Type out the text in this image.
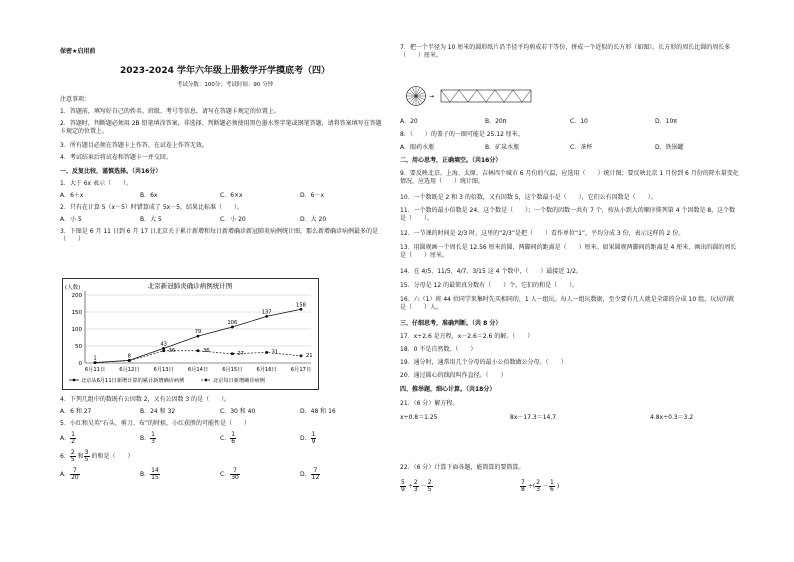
保密★启用前
2023-2024 学年六年级上册数学开学摸底考（四）
考试分数：100分；考试时间：90 分钟
注意事项：
1．答题前，填写好自己的姓名、班级、考号等信息，请写在答题卡规定的位置上。
2．答题时，判断题必须用 2B 铅笔填涂答案，非选择、判断题必须使用黑色墨水签字笔或钢笔答题，请将答案填写在答题卡规定的位置上。
3．所有题目必须在答题卡上作答，在试卷上作答无效。
4．考试结束后将试卷和答题卡一并交回。
一、反复比较，谨慎选择。（共16分）
1．大于 6x 表示（　　）。
A．6＋x	B．6x	C．6×x	D．6－x
2．只有在计算 5（x－5）时错算成了 5x－5，结果比标准（　　）。
A．小 5	B．大 5	C．小 20	D．大 20
3．下图是 6 月 11 日到 6 月 17 日北京关于累计新增和每日新增确诊新冠肺炎病例统计图，那么新增确诊病例最多的是（　　）
北京新冠肺炎确诊病例统计图
(人数)
0
50
100
150
200
6月11日	6月12日	6月13日	6月14日	6月15日	6月16日	6月17日
1	8
43
79
106
137
158
36	36
27	31
21
北京从6月11日新增计算的累计新增确诊病例	北京每日新增确诊病例
4．下列几组中的数既有公因数 2，又有公因数 3 的是（　　）。
A．6 和 27	B．24 和 32	C．30 和 40	D．48 和 16
5．小红和吴英“石头、剪刀、布”的时候，小红获胜的可能性是（　　）
A． $\frac{1}{2}$	B． $\frac{1}{3}$	C． $\frac{1}{6}$	D． $\frac{1}{9}$
6． $\frac{2}{5}$ 和 $\frac{3}{5}$ 的和是（　　）
A． $\frac{7}{20}$	B． $\frac{14}{15}$	C． $\frac{7}{30}$	D． $\frac{7}{12}$
7．把一个半径为 10 厘米的圆形纸片沿半径平均剪成若干等份，拼成一个近似的长方形（如图）。长方形的周长比圆的周长多（　　）厘米。
→
A．20	B．20π	C．10	D．10π
8．（　　）的盖子的一圈可能是 25.12 厘米。
A．眼药水瓶	B．矿泉水瓶	C．茶杯	D．铁锅罐
二、用心思考，正确填空。（共16分）
9．要反映北京、上海、太原、吉林四个城市 6 月份的气温，应选用（　　）统计图；要反映北京 1 月份到 6 月份的降水量变化情况，应选用（　　）统计图。
10．一个数既是 2 和 3 的倍数，又有因数 5，这个数最小是（　　），它们公有因数是（　　）。
11．一个数的最小倍数是 24，这个数是（　　）；一个数的因数一共有 7 个，按从小到大的顺序排列第 4 个因数是 8，这个数是（　　）。
12．一节课的时间是 2/3 时，这里的“2/3”是把（　　）看作单位“1”，平均分成 3 份，表示这样的 2 份。
13．用圆规画一个周长是 12.56 厘米的圆，两脚间的距离是（　　）厘米。如果圆规两脚间的距离是 4 厘米，画出的圆的周长是（　　）厘米。
14．在 4/5、11/5、4/7、3/15 这 4 个数中，（　　）最接近 1/2。
15．分母是 12 的最简真分数有（　　）个，它们的和是（　　）。
16．六（1）班 44 位同学来集时先买相同的，1 人一组玩。每人一组玩数据，至少要有几人就是全部的分成 10 组，玩玩的就是（　　）人。
三、仔细思考，准确判断。（共 8 分）
17．x÷2.6 是方程，x－2.6＝2.6 的解。（　　）
18．0 不是自然数。（　　）
19．通分时，通常用几个分母的最小公倍数做公分母。（　　）
20．通过圆心的线段叫作直径。（　　）
四、推举题，细心计算。（共18分）
21．（6 分）解方程。
x÷0.8＝1.25	8x－17.3＝14.7	4.8x÷0.3＝3.2
22．（6 分）计算下面各题，能简算的要简算。
$\frac{5}{9} \div \frac{2}{3} - \frac{2}{5}$	$\frac{7}{8}$ ÷( $\frac{2}{3} - \frac{1}{6}$ )
